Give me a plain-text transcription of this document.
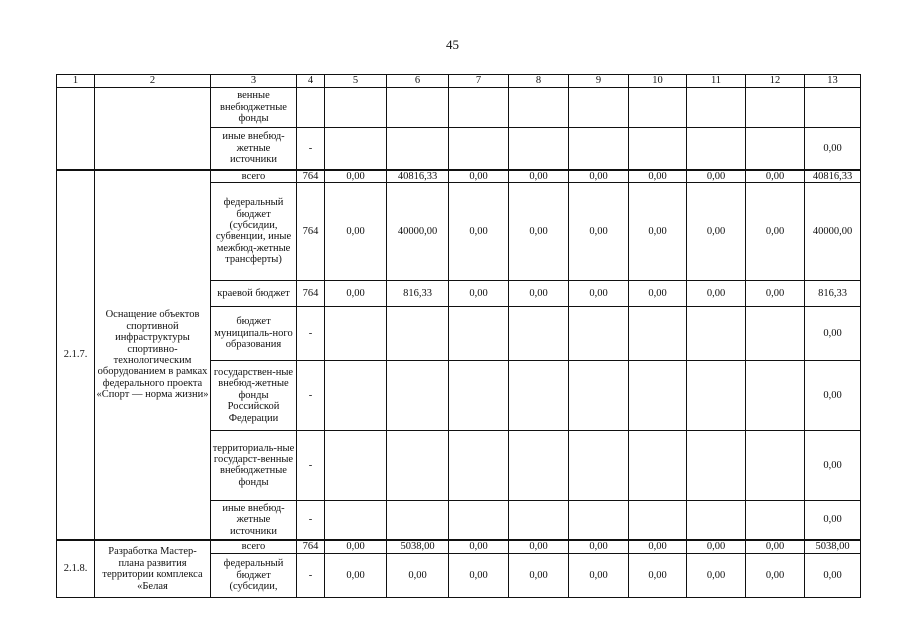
45
1	2	3	4	5	6	7	8	9	10	11	12	13
		венные внебюджетные фонды										
		иные внебюд-жетные источники	-									0,00
2.1.7.	Оснащение объектов спортивной инфраструктуры спортивно-технологическим оборудованием в рамках федерального проекта «Спорт — норма жизни»	всего	764	0,00	40816,33	0,00	0,00	0,00	0,00	0,00	0,00	40816,33
		федеральный бюджет (субсидии, субвенции, иные межбюд-жетные трансферты)	764	0,00	40000,00	0,00	0,00	0,00	0,00	0,00	0,00	40000,00
		краевой бюджет	764	0,00	816,33	0,00	0,00	0,00	0,00	0,00	0,00	816,33
		бюджет муниципаль-ного образования	-									0,00
		государствен-ные внебюд-жетные фонды Российской Федерации	-									0,00
		территориаль-ные государст-венные внебюджетные фонды	-									0,00
		иные внебюд-жетные источники	-									0,00
2.1.8.	Разработка Мастер-плана развития территории комплекса «Белая	всего	764	0,00	5038,00	0,00	0,00	0,00	0,00	0,00	0,00	5038,00
		федеральный бюджет (субсидии,	-	0,00	0,00	0,00	0,00	0,00	0,00	0,00	0,00	0,00
